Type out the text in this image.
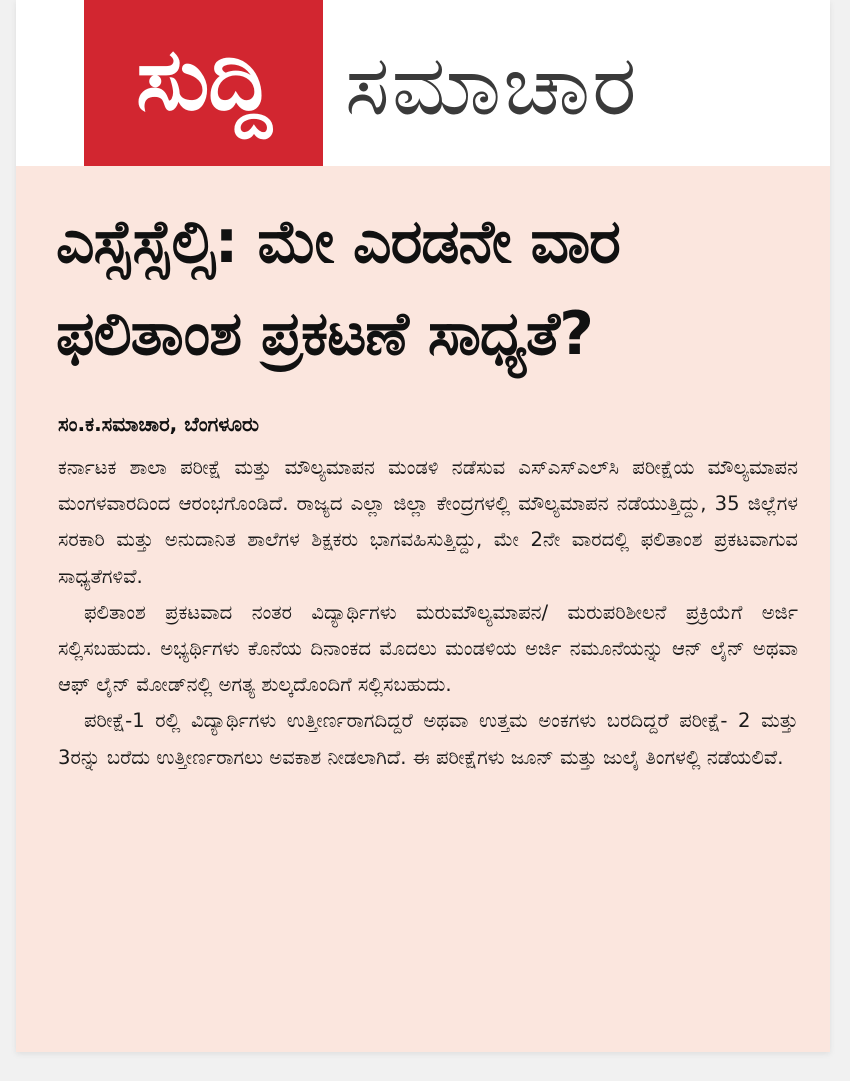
ಸುದ್ದಿ ಸಮಾಚಾರ
ಎಸ್ಸೆಸ್ಸೆಲ್ಸಿ: ಮೇ ಎರಡನೇ ವಾರ
ಫಲಿತಾಂಶ ಪ್ರಕಟಣೆ ಸಾಧ್ಯತೆ?
ಸಂ.ಕ.ಸಮಾಚಾರ, ಬೆಂಗಳೂರು

ಕರ್ನಾಟಕ ಶಾಲಾ ಪರೀಕ್ಷೆ ಮತ್ತು ಮೌಲ್ಯಮಾಪನ ಮಂಡಳಿ ನಡೆಸುವ ಎಸ್‌ಎಸ್‌ಎಲ್‌ಸಿ ಪರೀಕ್ಷೆಯ ಮೌಲ್ಯಮಾಪನ ಮಂಗಳವಾರದಿಂದ ಆರಂಭಗೊಂಡಿದೆ. ರಾಜ್ಯದ ಎಲ್ಲಾ ಜಿಲ್ಲಾ ಕೇಂದ್ರಗಳಲ್ಲಿ ಮೌಲ್ಯಮಾಪನ ನಡೆಯುತ್ತಿದ್ದು, 35 ಜಿಲ್ಲೆಗಳ ಸರಕಾರಿ ಮತ್ತು ಅನುದಾನಿತ ಶಾಲೆಗಳ ಶಿಕ್ಷಕರು ಭಾಗವಹಿಸುತ್ತಿದ್ದು, ಮೇ 2ನೇ ವಾರದಲ್ಲಿ ಫಲಿತಾಂಶ ಪ್ರಕಟವಾಗುವ ಸಾಧ್ಯತೆಗಳಿವೆ.

ಫಲಿತಾಂಶ ಪ್ರಕಟವಾದ ನಂತರ ವಿದ್ಯಾರ್ಥಿಗಳು ಮರುಮೌಲ್ಯಮಾಪನ/ ಮರುಪರಿಶೀಲನೆ ಪ್ರಕ್ರಿಯೆಗೆ ಅರ್ಜಿ ಸಲ್ಲಿಸಬಹುದು. ಅಭ್ಯರ್ಥಿಗಳು ಕೊನೆಯ ದಿನಾಂಕದ ಮೊದಲು ಮಂಡಳಿಯ ಅರ್ಜಿ ನಮೂನೆಯನ್ನು ಆನ್ ಲೈನ್ ಅಥವಾ ಆಫ್ ಲೈನ್ ಮೋಡ್‌ನಲ್ಲಿ ಅಗತ್ಯ ಶುಲ್ಕದೊಂದಿಗೆ ಸಲ್ಲಿಸಬಹುದು.

ಪರೀಕ್ಷೆ-1 ರಲ್ಲಿ ವಿದ್ಯಾರ್ಥಿಗಳು ಉತ್ತೀರ್ಣರಾಗದಿದ್ದರೆ ಅಥವಾ ಉತ್ತಮ ಅಂಕಗಳು ಬರದಿದ್ದರೆ ಪರೀಕ್ಷೆ- 2 ಮತ್ತು 3ರನ್ನು ಬರೆದು ಉತ್ತೀರ್ಣರಾಗಲು ಅವಕಾಶ ನೀಡಲಾಗಿದೆ. ಈ ಪರೀಕ್ಷೆಗಳು ಜೂನ್ ಮತ್ತು ಜುಲೈ ತಿಂಗಳಲ್ಲಿ ನಡೆಯಲಿವೆ.
